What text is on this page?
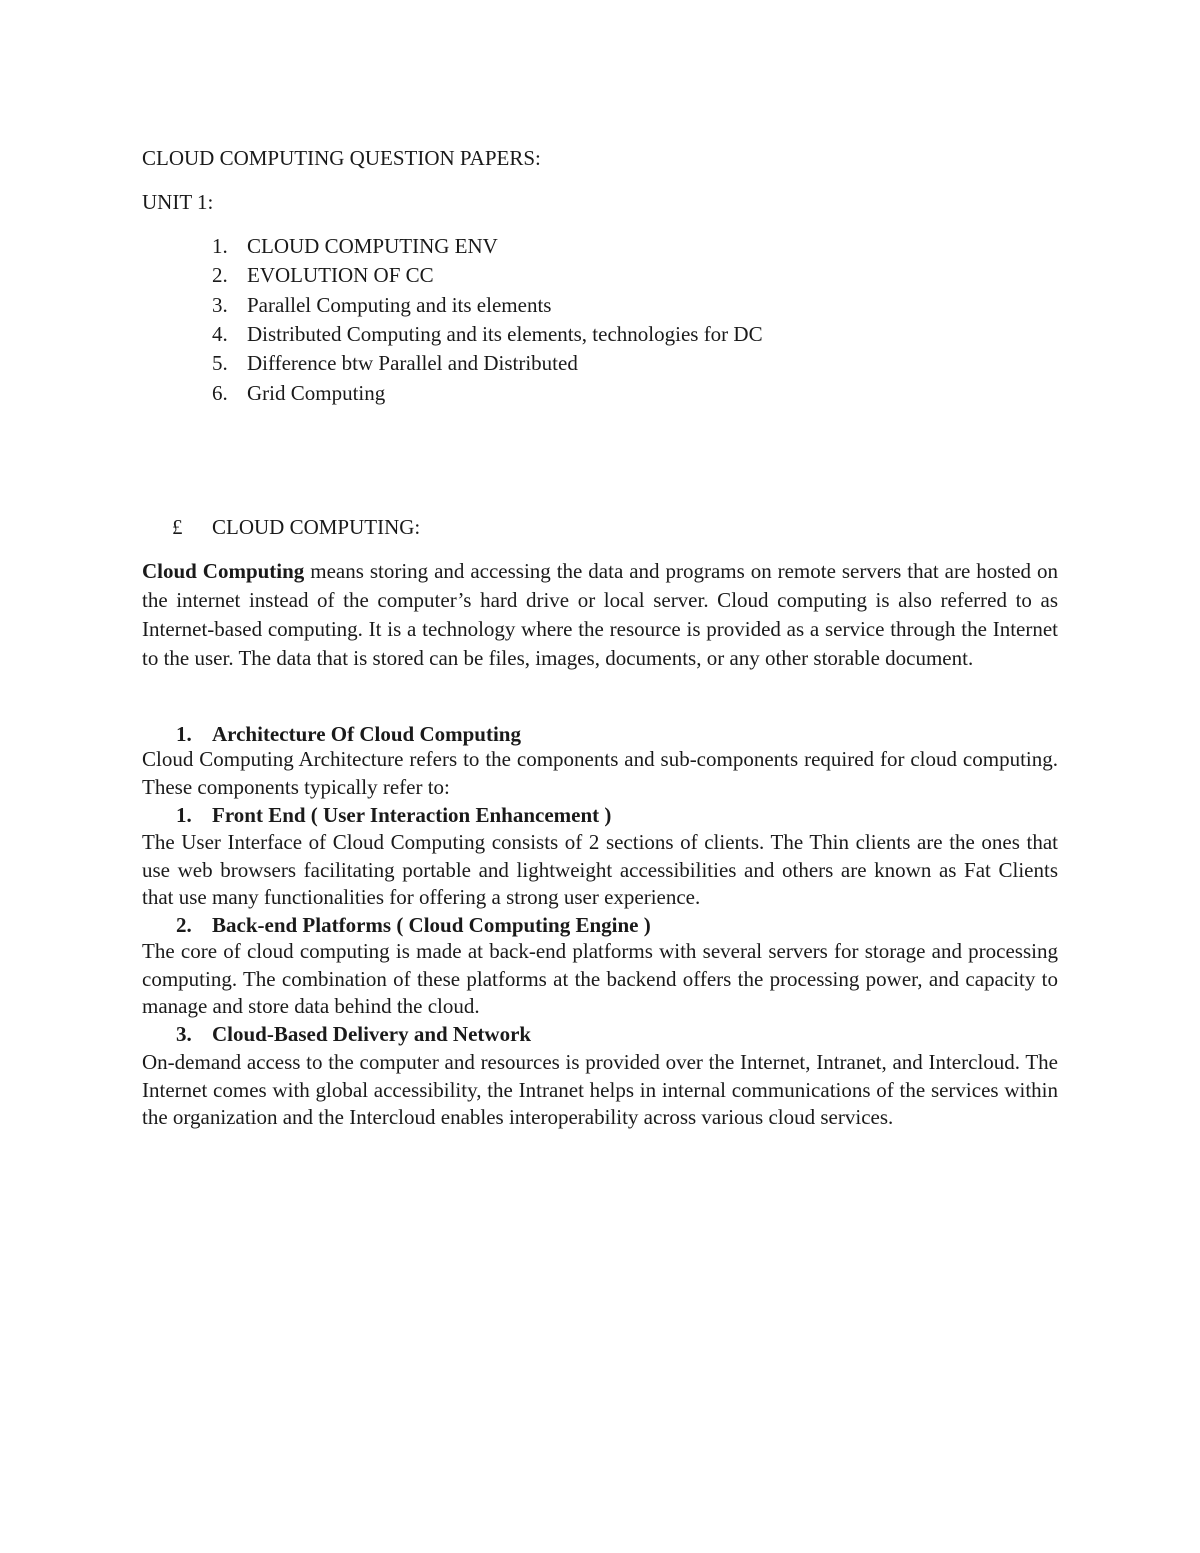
CLOUD COMPUTING QUESTION PAPERS:
UNIT 1:
1. CLOUD COMPUTING ENV
2. EVOLUTION OF CC
3. Parallel Computing and its elements
4. Distributed Computing and its elements, technologies for DC
5. Difference btw Parallel and Distributed
6. Grid Computing
£ CLOUD COMPUTING:
Cloud Computing means storing and accessing the data and programs on remote servers that are hosted on the internet instead of the computer’s hard drive or local server. Cloud computing is also referred to as Internet-based computing. It is a technology where the resource is provided as a service through the Internet to the user. The data that is stored can be files, images, documents, or any other storable document.
1. Architecture Of Cloud Computing
Cloud Computing Architecture refers to the components and sub-components required for cloud computing. These components typically refer to:
1. Front End ( User Interaction Enhancement )
The User Interface of Cloud Computing consists of 2 sections of clients. The Thin clients are the ones that use web browsers facilitating portable and lightweight accessibilities and others are known as Fat Clients that use many functionalities for offering a strong user experience.
2. Back-end Platforms ( Cloud Computing Engine )
The core of cloud computing is made at back-end platforms with several servers for storage and processing computing. The combination of these platforms at the backend offers the processing power, and capacity to manage and store data behind the cloud.
3. Cloud-Based Delivery and Network
On-demand access to the computer and resources is provided over the Internet, Intranet, and Intercloud. The Internet comes with global accessibility, the Intranet helps in internal communications of the services within the organization and the Intercloud enables interoperability across various cloud services.
